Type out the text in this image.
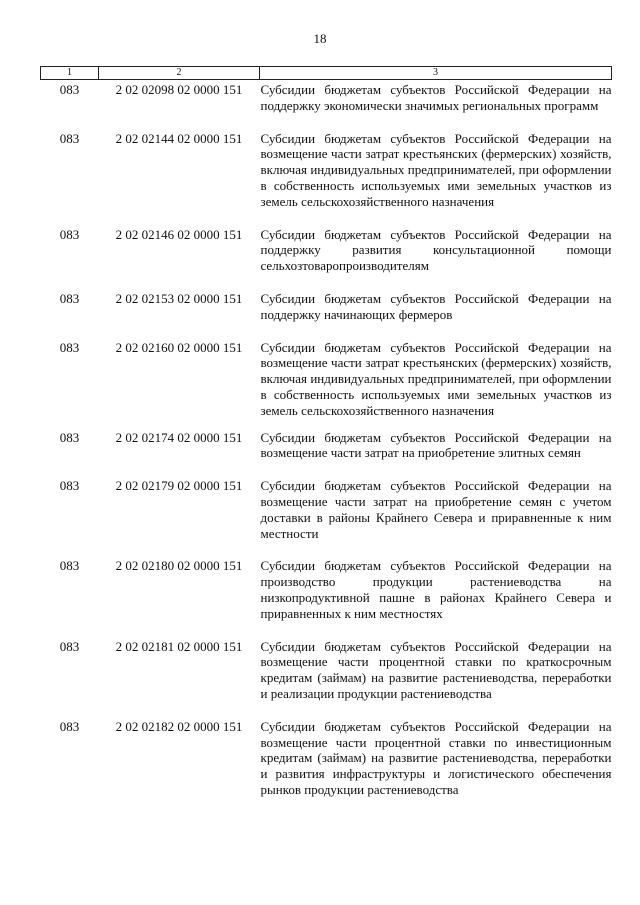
18
1	2	3
083	2 02 02098 02 0000 151	Субсидии бюджетам субъектов Российской Федерации на поддержку экономически значимых региональных программ
083	2 02 02144 02 0000 151	Субсидии бюджетам субъектов Российской Федерации на возмещение части затрат крестьянских (фермерских) хозяйств, включая индивидуальных предпринимателей, при оформлении в собственность используемых ими земельных участков из земель сельскохозяйственного назначения
083	2 02 02146 02 0000 151	Субсидии бюджетам субъектов Российской Федерации на поддержку развития консультационной помощи сельхозтоваропроизводителям
083	2 02 02153 02 0000 151	Субсидии бюджетам субъектов Российской Федерации на поддержку начинающих фермеров
083	2 02 02160 02 0000 151	Субсидии бюджетам субъектов Российской Федерации на возмещение части затрат крестьянских (фермерских) хозяйств, включая индивидуальных предпринимателей, при оформлении в собственность используемых ими земельных участков из земель сельскохозяйственного назначения
083	2 02 02174 02 0000 151	Субсидии бюджетам субъектов Российской Федерации на возмещение части затрат на приобретение элитных семян
083	2 02 02179 02 0000 151	Субсидии бюджетам субъектов Российской Федерации на возмещение части затрат на приобретение семян с учетом доставки в районы Крайнего Севера и приравненные к ним местности
083	2 02 02180 02 0000 151	Субсидии бюджетам субъектов Российской Федерации на производство продукции растениеводства на низкопродуктивной пашне в районах Крайнего Севера и приравненных к ним местностях
083	2 02 02181 02 0000 151	Субсидии бюджетам субъектов Российской Федерации на возмещение части процентной ставки по краткосрочным кредитам (займам) на развитие растениеводства, переработки и реализации продукции растениеводства
083	2 02 02182 02 0000 151	Субсидии бюджетам субъектов Российской Федерации на возмещение части процентной ставки по инвестиционным кредитам (займам) на развитие растениеводства, переработки и развития инфраструктуры и логистического обеспечения рынков продукции растениеводства
